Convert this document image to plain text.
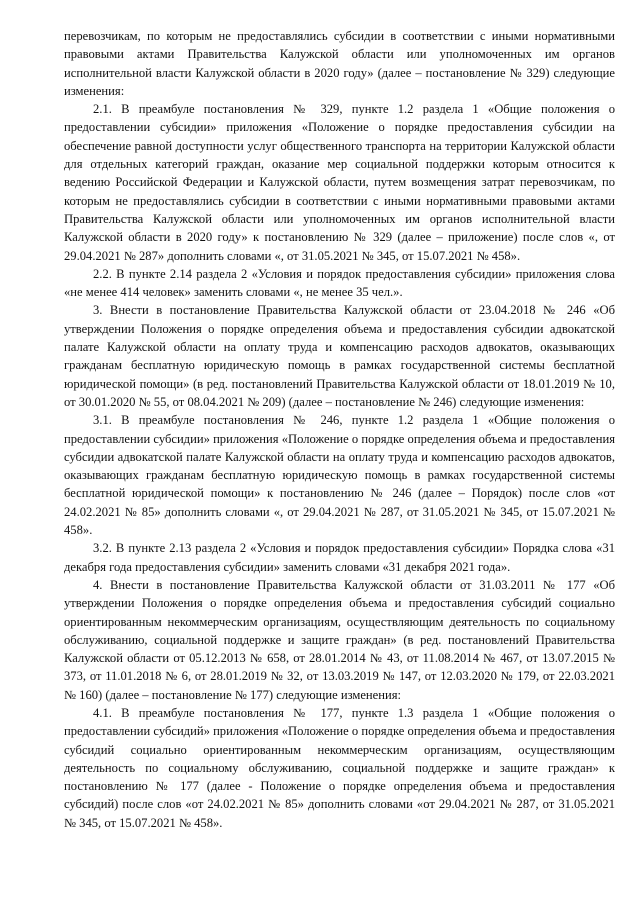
перевозчикам, по которым не предоставлялись субсидии в соответствии с иными нормативными правовыми актами Правительства Калужской области или уполномоченных им органов исполнительной власти Калужской области в 2020 году» (далее – постановление № 329) следующие изменения:

2.1. В преамбуле постановления № 329, пункте 1.2 раздела 1 «Общие положения о предоставлении субсидии» приложения «Положение о порядке предоставления субсидии на обеспечение равной доступности услуг общественного транспорта на территории Калужской области для отдельных категорий граждан, оказание мер социальной поддержки которым относится к ведению Российской Федерации и Калужской области, путем возмещения затрат перевозчикам, по которым не предоставлялись субсидии в соответствии с иными нормативными правовыми актами Правительства Калужской области или уполномоченных им органов исполнительной власти Калужской области в 2020 году» к постановлению № 329 (далее – приложение) после слов «, от 29.04.2021 № 287» дополнить словами «, от 31.05.2021 № 345, от 15.07.2021 № 458».

2.2. В пункте 2.14 раздела 2 «Условия и порядок предоставления субсидии» приложения слова «не менее 414 человек» заменить словами «, не менее 35 чел.».

3. Внести в постановление Правительства Калужской области от 23.04.2018 № 246 «Об утверждении Положения о порядке определения объема и предоставления субсидии адвокатской палате Калужской области на оплату труда и компенсацию расходов адвокатов, оказывающих гражданам бесплатную юридическую помощь в рамках государственной системы бесплатной юридической помощи» (в ред. постановлений Правительства Калужской области от 18.01.2019 № 10, от 30.01.2020 № 55, от 08.04.2021 № 209) (далее – постановление № 246) следующие изменения:

3.1. В преамбуле постановления № 246, пункте 1.2 раздела 1 «Общие положения о предоставлении субсидии» приложения «Положение о порядке определения объема и предоставления субсидии адвокатской палате Калужской области на оплату труда и компенсацию расходов адвокатов, оказывающих гражданам бесплатную юридическую помощь в рамках государственной системы бесплатной юридической помощи» к постановлению № 246 (далее – Порядок) после слов «от 24.02.2021 № 85» дополнить словами «, от 29.04.2021 № 287, от 31.05.2021 № 345, от 15.07.2021 № 458».

3.2. В пункте 2.13 раздела 2 «Условия и порядок предоставления субсидии» Порядка слова «31 декабря года предоставления субсидии» заменить словами «31 декабря 2021 года».

4. Внести в постановление Правительства Калужской области от 31.03.2011 № 177 «Об утверждении Положения о порядке определения объема и предоставления субсидий социально ориентированным некоммерческим организациям, осуществляющим деятельность по социальному обслуживанию, социальной поддержке и защите граждан» (в ред. постановлений Правительства Калужской области от 05.12.2013 № 658, от 28.01.2014 № 43, от 11.08.2014 № 467, от 13.07.2015 № 373, от 11.01.2018 № 6, от 28.01.2019 № 32, от 13.03.2019 № 147, от 12.03.2020 № 179, от 22.03.2021 № 160) (далее – постановление № 177) следующие изменения:

4.1. В преамбуле постановления № 177, пункте 1.3 раздела 1 «Общие положения о предоставлении субсидий» приложения «Положение о порядке определения объема и предоставления субсидий социально ориентированным некоммерческим организациям, осуществляющим деятельность по социальному обслуживанию, социальной поддержке и защите граждан» к постановлению № 177 (далее - Положение о порядке определения объема и предоставления субсидий) после слов «от 24.02.2021 № 85» дополнить словами «от 29.04.2021 № 287, от 31.05.2021 № 345, от 15.07.2021 № 458».
